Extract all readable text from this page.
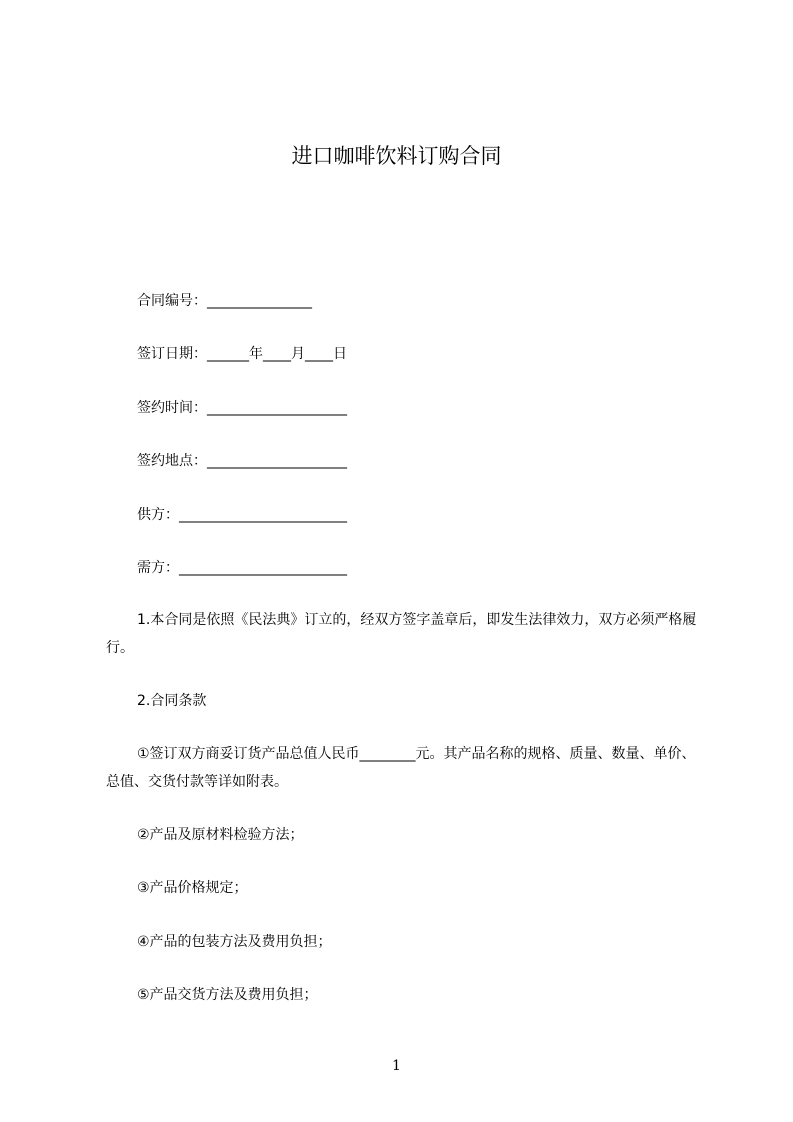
进口咖啡饮料订购合同
合同编号：_______________
签订日期：______年____月____日
签约时间：____________________
签约地点：____________________
供方：________________________
需方：________________________

1.本合同是依照《民法典》订立的，经双方签字盖章后，即发生法律效力，双方必须严格履行。

2.合同条款

①签订双方商妥订货产品总值人民币________元。其产品名称的规格、质量、数量、单价、总值、交货付款等详如附表。

②产品及原材料检验方法；

③产品价格规定；

④产品的包装方法及费用负担；

⑤产品交货方法及费用负担；

1
